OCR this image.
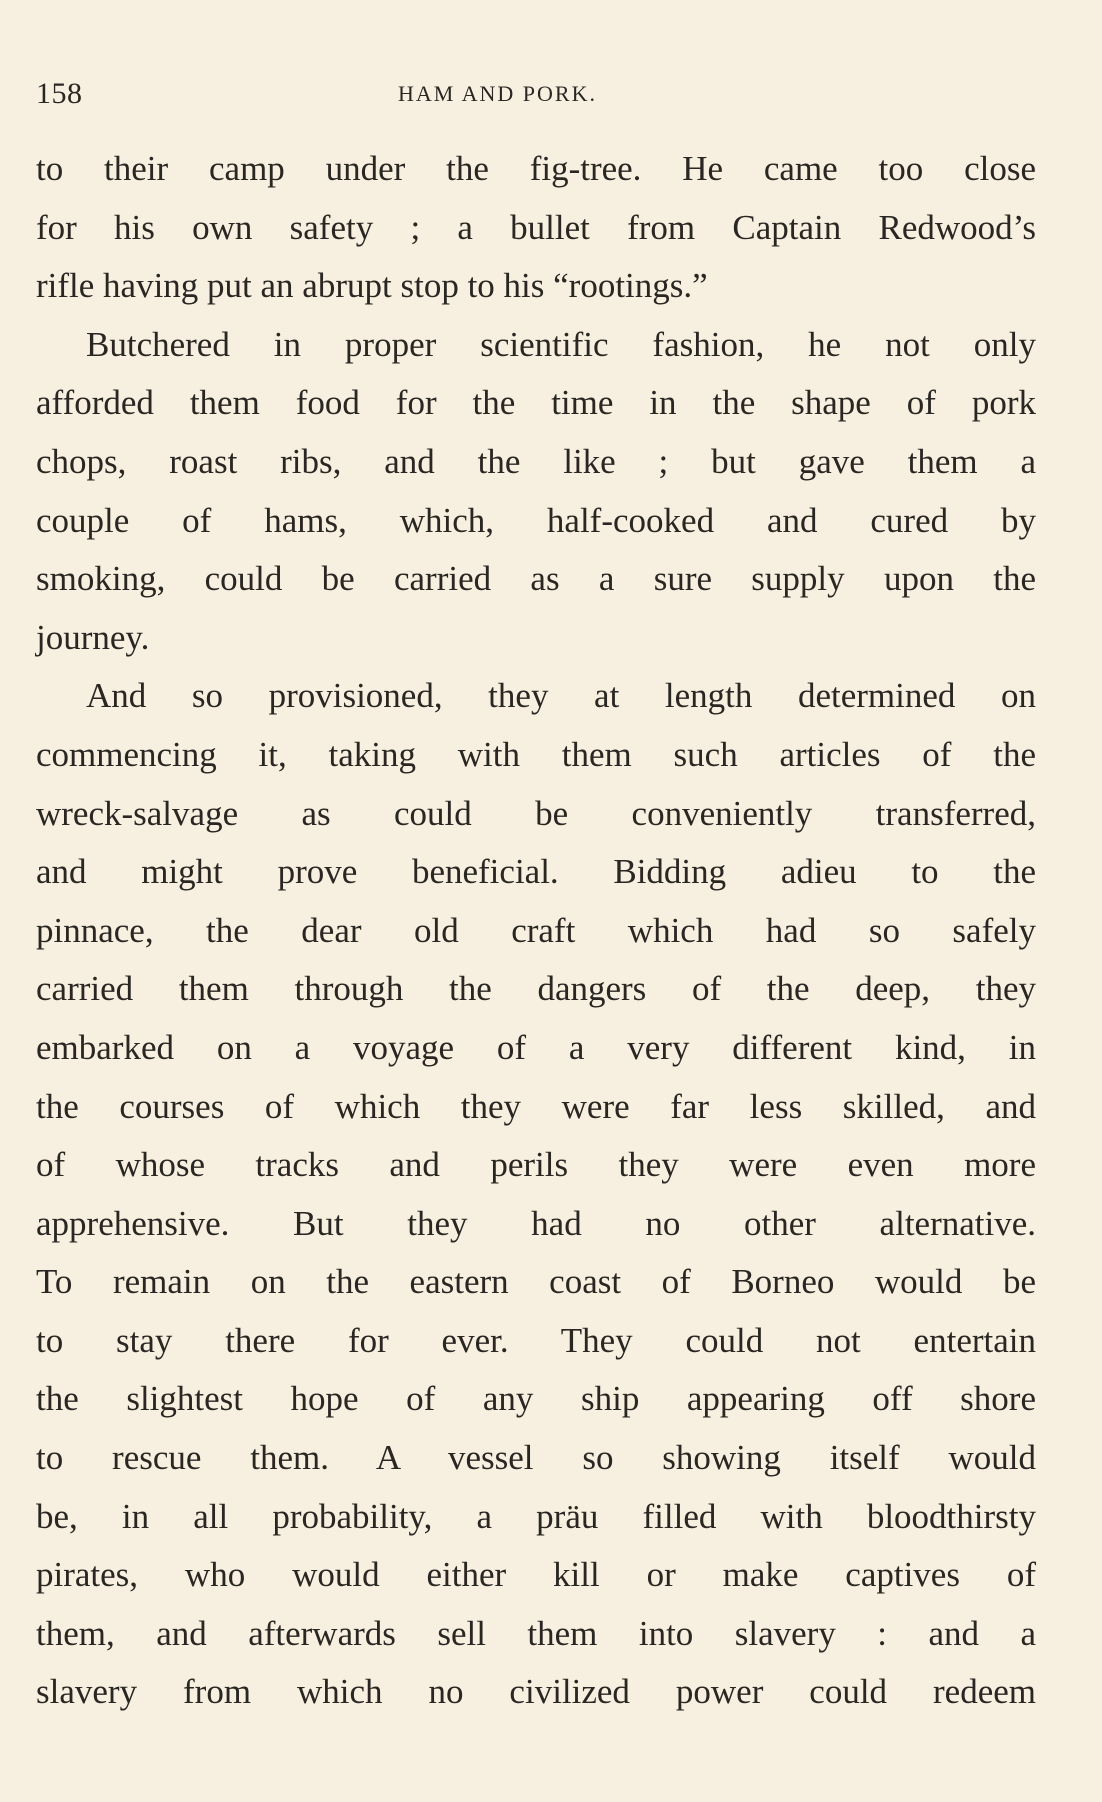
158	HAM AND PORK.
to their camp under the fig-tree. He came too close
for his own safety ; a bullet from Captain Redwood’s
rifle having put an abrupt stop to his “rootings.”
Butchered in proper scientific fashion, he not only
afforded them food for the time in the shape of pork
chops, roast ribs, and the like ; but gave them a
couple of hams, which, half-cooked and cured by
smoking, could be carried as a sure supply upon the
journey.
And so provisioned, they at length determined on
commencing it, taking with them such articles of the
wreck-salvage as could be conveniently transferred,
and might prove beneficial. Bidding adieu to the
pinnace, the dear old craft which had so safely
carried them through the dangers of the deep, they
embarked on a voyage of a very different kind, in
the courses of which they were far less skilled, and
of whose tracks and perils they were even more
apprehensive. But they had no other alternative.
To remain on the eastern coast of Borneo would be
to stay there for ever. They could not entertain
the slightest hope of any ship appearing off shore
to rescue them. A vessel so showing itself would
be, in all probability, a präu filled with bloodthirsty
pirates, who would either kill or make captives of
them, and afterwards sell them into slavery : and a
slavery from which no civilized power could redeem
